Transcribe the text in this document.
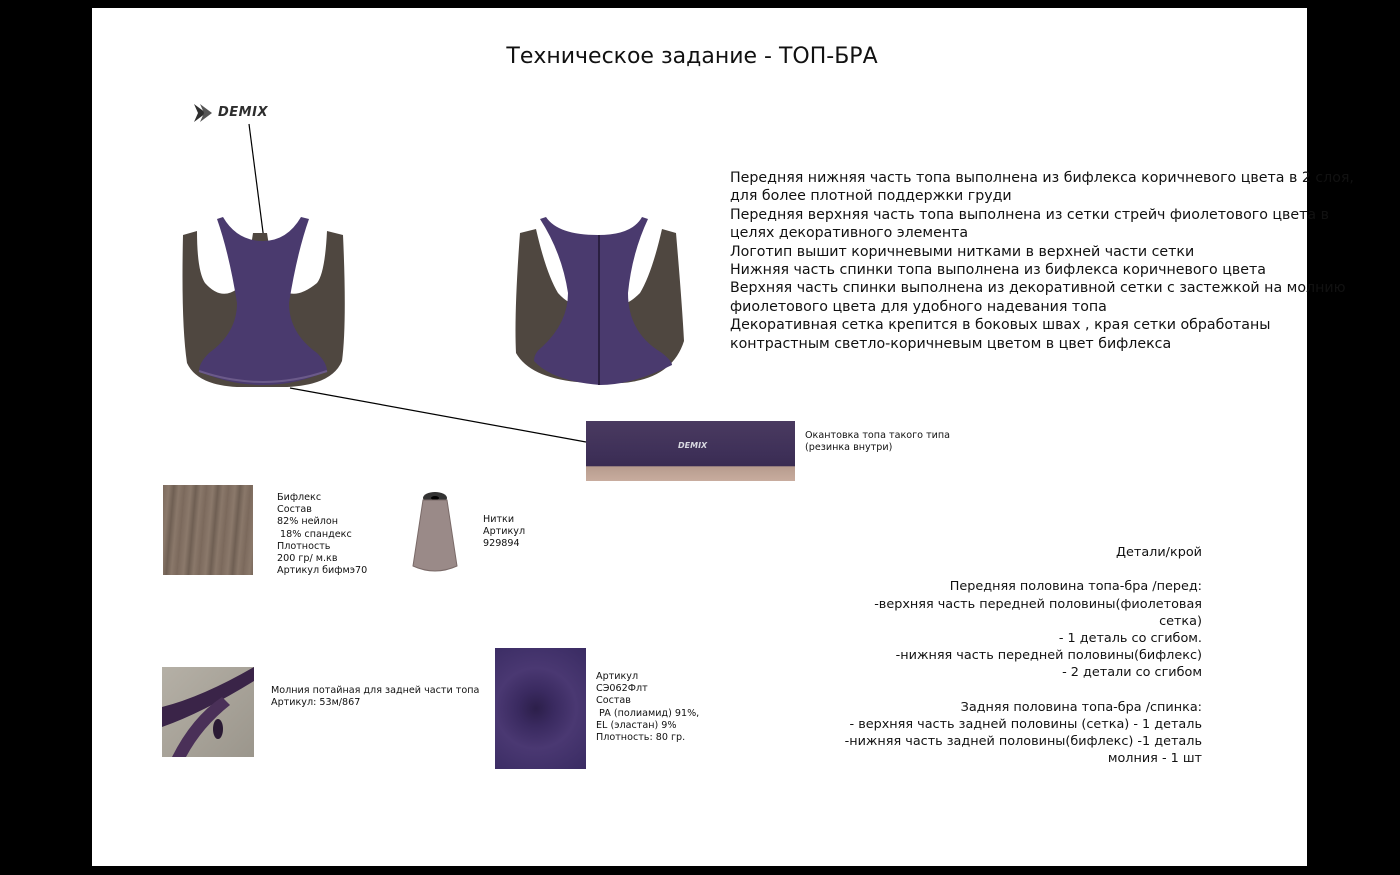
Техническое задание - ТОП-БРА
DEMIX
Передняя нижняя часть топа выполнена из бифлекса коричневого цвета в 2 слоя,
для более плотной поддержки груди
Передняя верхняя часть топа выполнена из сетки стрейч фиолетового цвета в
целях декоративного элемента
Логотип вышит коричневыми нитками в верхней части сетки
Нижняя часть спинки топа выполнена из бифлекса коричневого цвета
Верхняя часть спинки выполнена из декоративной сетки с застежкой на молнию
фиолетового цвета для удобного надевания топа
Декоративная сетка крепится в боковых швах , края сетки обработаны
контрастным светло-коричневым цветом в цвет бифлекса
DEMIX
Окантовка топа такого типа
(резинка внутри)
Бифлекс
Состав
82% нейлон
18% спандекс
Плотность
200 гр/ м.кв
Артикул бифмэ70
Нитки
Артикул
929894
Молния потайная для задней части топа
Артикул: 53м/867
Артикул
СЭ062Флт
Состав
PA (полиамид) 91%,
EL (эластан) 9%
Плотность: 80 гр.
Детали/крой
Передняя половина топа-бра /перед:
-верхняя часть передней половины(фиолетовая
сетка)
- 1 деталь со сгибом.
-нижняя часть передней половины(бифлекс)
- 2 детали со сгибом
Задняя половина топа-бра /спинка:
- верхняя часть задней половины (сетка) - 1 деталь
-нижняя часть задней половины(бифлекс) -1 деталь
молния - 1 шт
